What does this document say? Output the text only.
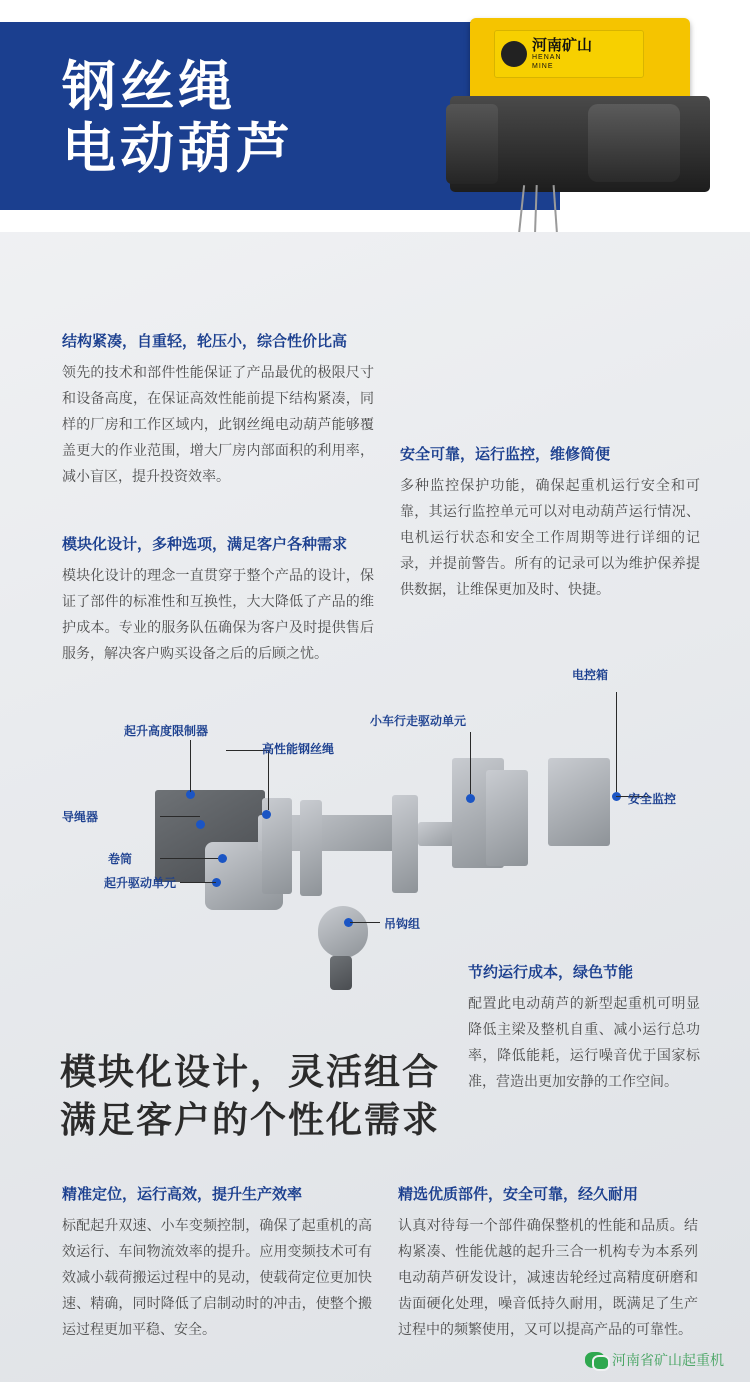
钢丝绳
电动葫芦
河南矿山
HENAN
MINE
结构紧凑，自重轻，轮压小，综合性价比高

领先的技术和部件性能保证了产品最优的极限尺寸和设备高度，在保证高效性能前提下结构紧凑，同样的厂房和工作区域内，此钢丝绳电动葫芦能够覆盖更大的作业范围，增大厂房内部面积的利用率，减小盲区，提升投资效率。

模块化设计，多种选项，满足客户各种需求

模块化设计的理念一直贯穿于整个产品的设计，保证了部件的标准性和互换性，大大降低了产品的维护成本。专业的服务队伍确保为客户及时提供售后服务，解决客户购买设备之后的后顾之忧。

安全可靠，运行监控，维修简便

多种监控保护功能，确保起重机运行安全和可靠，其运行监控单元可以对电动葫芦运行情况、电机运行状态和安全工作周期等进行详细的记录，并提前警告。所有的记录可以为维护保养提供数据，让维保更加及时、快捷。

节约运行成本，绿色节能

配置此电动葫芦的新型起重机可明显降低主梁及整机自重、减小运行总功率，降低能耗，运行噪音优于国家标准，营造出更加安静的工作空间。

精准定位，运行高效，提升生产效率

标配起升双速、小车变频控制，确保了起重机的高效运行、车间物流效率的提升。应用变频技术可有效减小载荷搬运过程中的晃动，使载荷定位更加快速、精确，同时降低了启制动时的冲击，使整个搬运过程更加平稳、安全。

精选优质部件，安全可靠，经久耐用

认真对待每一个部件确保整机的性能和品质。结构紧凑、性能优越的起升三合一机构专为本系列电动葫芦研发设计，减速齿轮经过高精度研磨和齿面硬化处理，噪音低持久耐用，既满足了生产过程中的频繁使用，又可以提高产品的可靠性。

起升高度限制器
高性能钢丝绳
导绳器
卷筒
起升驱动单元
小车行走驱动单元
电控箱
安全监控
吊钩组
模块化设计，灵活组合
满足客户的个性化需求
河南省矿山起重机
